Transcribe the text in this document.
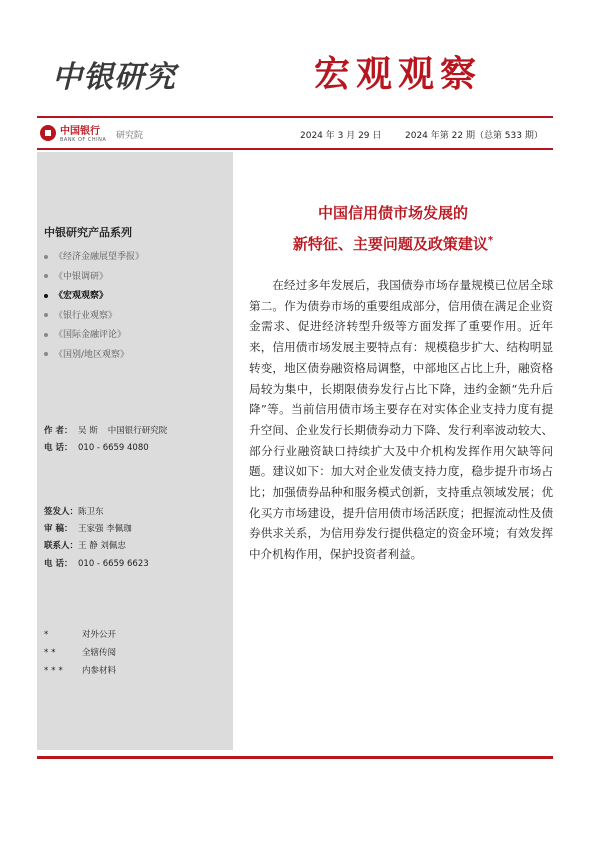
中银研究	宏观观察
中国银行
BANK OF CHINA 研究院	2024 年 3 月 29 日	2024 年第 22 期（总第 533 期）
中银研究产品系列
《经济金融展望季报》
《中银调研》
《宏观观察》
《银行业观察》
《国际金融评论》
《国别/地区观察》
作 者： 吴 斯 中国银行研究院
电 话： 010 - 6659 4080
签发人：陈卫东
审 稿： 王家强 李佩珈
联系人：王 静 刘佩忠
电 话： 010 - 6659 6623
*	对外公开
**	全辖传阅
*** 内参材料
中国信用债市场发展的
新特征、主要问题及政策建议*

在经过多年发展后，我国债券市场存量规模已位居全球第二。作为债券市场的重要组成部分，信用债在满足企业资金需求、促进经济转型升级等方面发挥了重要作用。近年来，信用债市场发展主要特点有：规模稳步扩大、结构明显转变，地区债券融资格局调整，中部地区占比上升，融资格局较为集中，长期限债券发行占比下降，违约金额“先升后降”等。当前信用债市场主要存在对实体企业支持力度有提升空间、企业发行长期债券动力下降、发行利率波动较大、部分行业融资缺口持续扩大及中介机构发挥作用欠缺等问题。建议如下：加大对企业发债支持力度，稳步提升市场占比；加强债券品种和服务模式创新，支持重点领域发展；优化买方市场建设，提升信用债市场活跃度；把握流动性及债券供求关系，为信用券发行提供稳定的资金环境；有效发挥中介机构作用，保护投资者利益。
